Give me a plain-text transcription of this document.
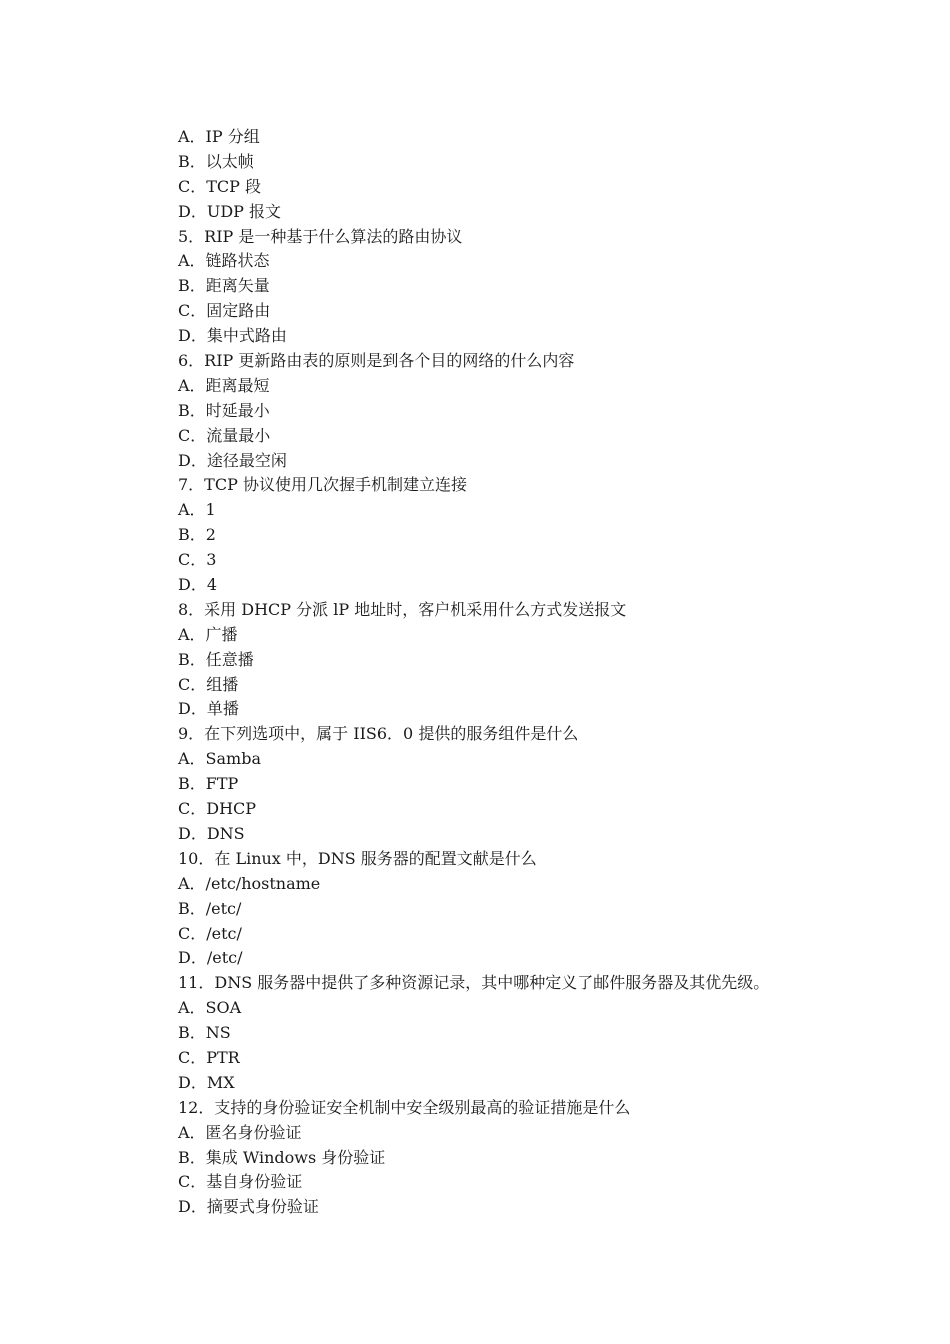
A．IP 分组
B．以太帧
C．TCP 段
D．UDP 报文
5．RIP 是一种基于什么算法的路由协议
A．链路状态
B．距离矢量
C．固定路由
D．集中式路由
6．RIP 更新路由表的原则是到各个目的网络的什么内容
A．距离最短
B．时延最小
C．流量最小
D．途径最空闲
7．TCP 协议使用几次握手机制建立连接
A．1
B．2
C．3
D．4
8．采用 DHCP 分派 lP 地址时，客户机采用什么方式发送报文
A．广播
B．任意播
C．组播
D．单播
9．在下列选项中，属于 IIS6．0 提供的服务组件是什么
A．Samba
B．FTP
C．DHCP
D．DNS
10．在 Linux 中，DNS 服务器的配置文献是什么
A．/etc/hostname
B．/etc/
C．/etc/
D．/etc/
11．DNS 服务器中提供了多种资源记录，其中哪种定义了邮件服务器及其优先级。
A．SOA
B．NS
C．PTR
D．MX
12．支持的身份验证安全机制中安全级别最高的验证措施是什么
A．匿名身份验证
B．集成 Windows 身份验证
C．基自身份验证
D．摘要式身份验证
